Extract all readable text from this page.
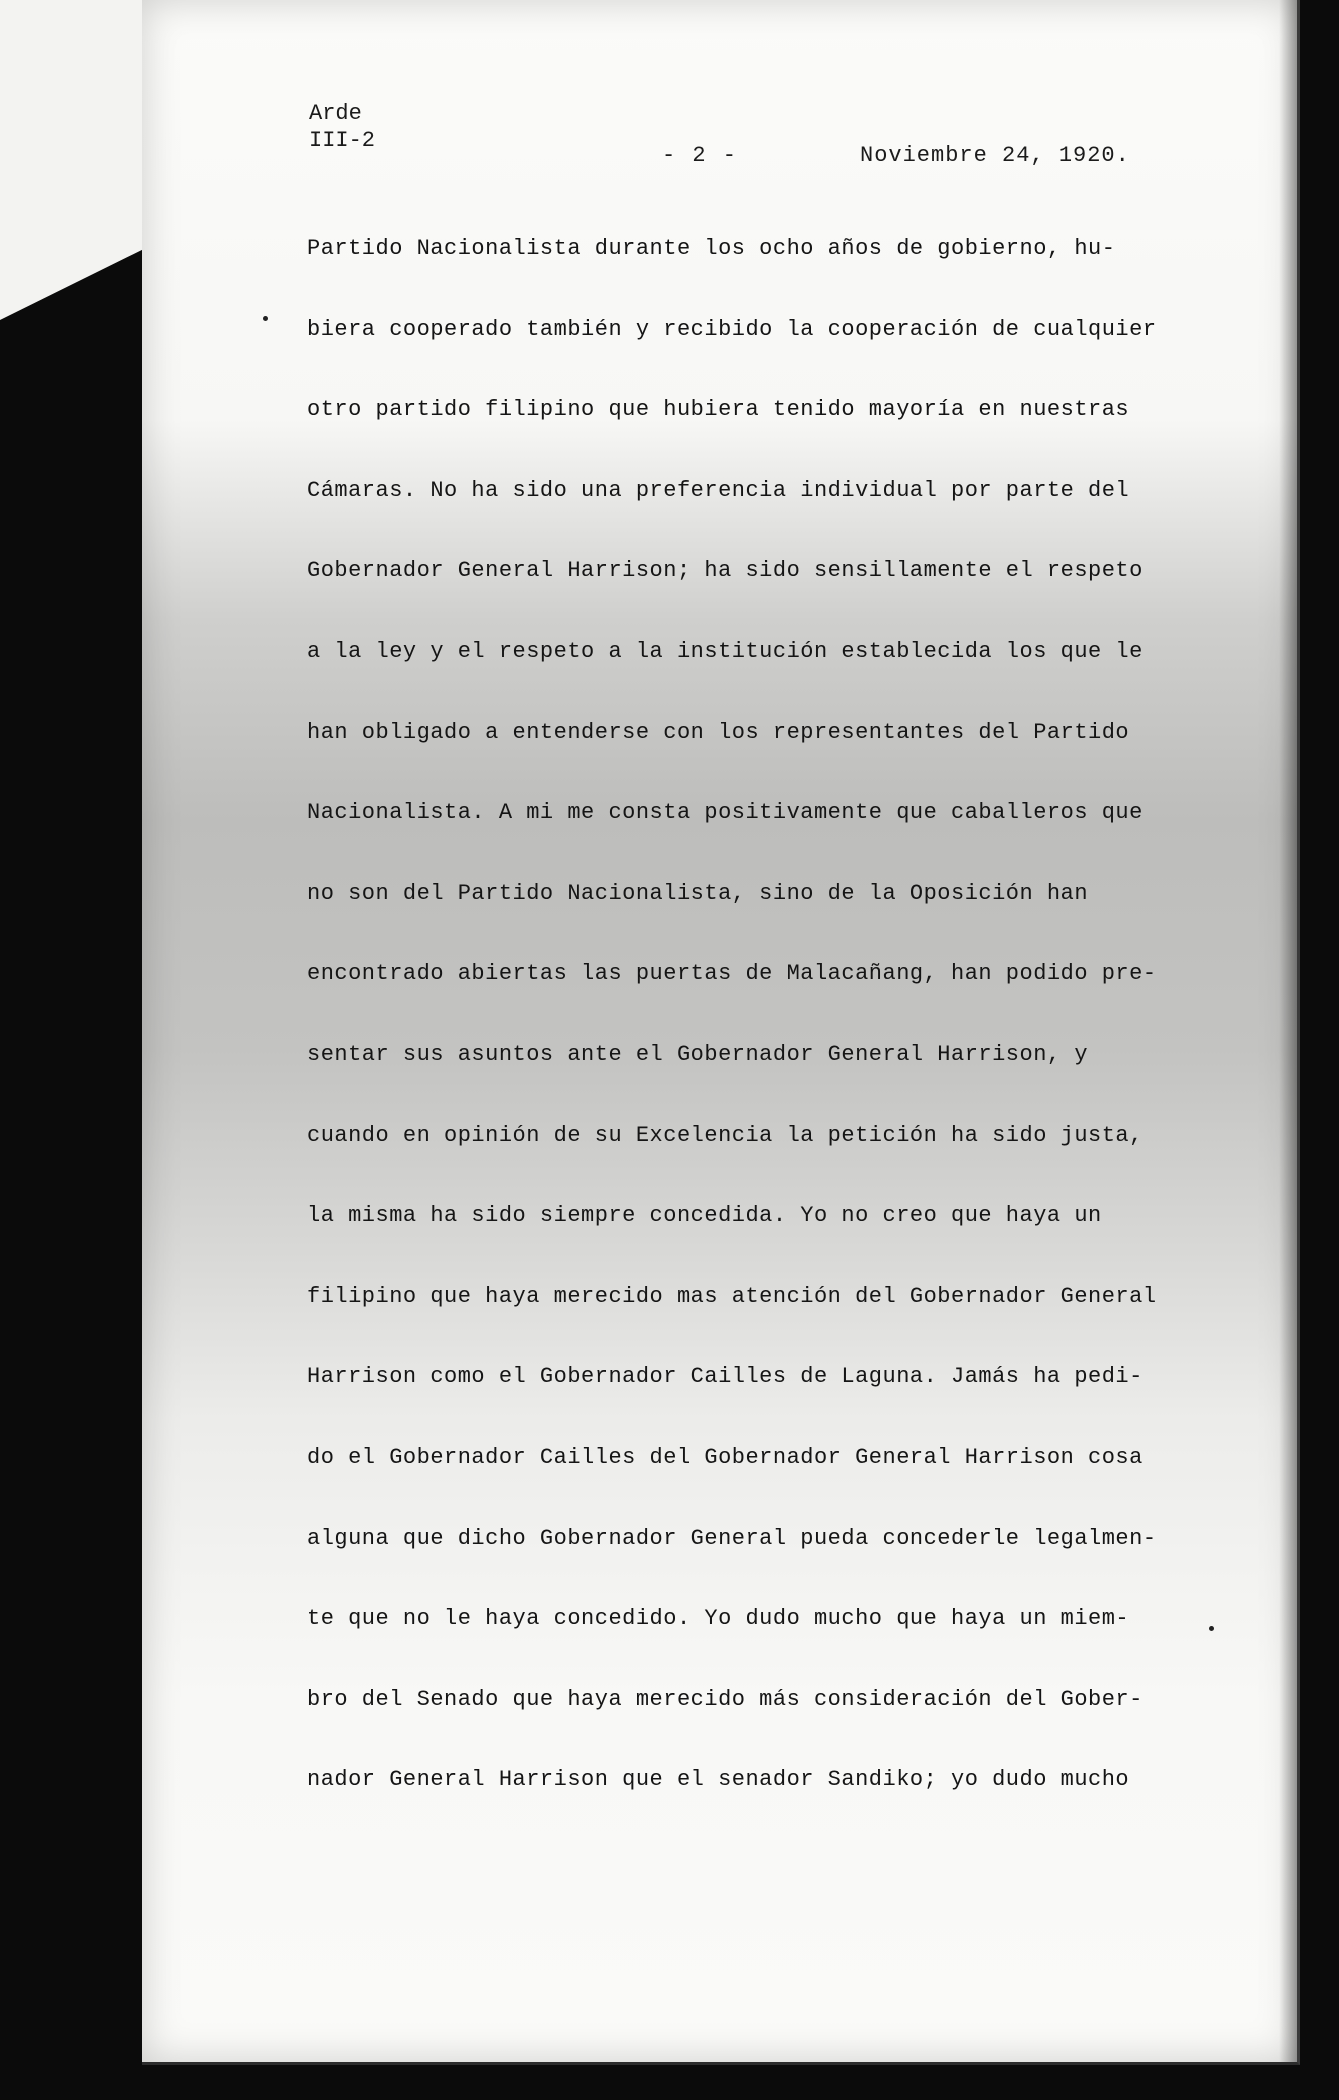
Arde
III-2
- 2 -	Noviembre 24, 1920.
Partido Nacionalista durante los ocho años de gobierno, hu-
biera cooperado también y recibido la cooperación de cualquier
otro partido filipino que hubiera tenido mayoría en nuestras
Cámaras. No ha sido una preferencia individual por parte del
Gobernador General Harrison; ha sido sensillamente el respeto
a la ley y el respeto a la institución establecida los que le
han obligado a entenderse con los representantes del Partido
Nacionalista. A mi me consta positivamente que caballeros que
no son del Partido Nacionalista, sino de la Oposición han
encontrado abiertas las puertas de Malacañang, han podido pre-
sentar sus asuntos ante el Gobernador General Harrison, y
cuando en opinión de su Excelencia la petición ha sido justa,
la misma ha sido siempre concedida. Yo no creo que haya un
filipino que haya merecido mas atención del Gobernador General
Harrison como el Gobernador Cailles de Laguna. Jamás ha pedi-
do el Gobernador Cailles del Gobernador General Harrison cosa
alguna que dicho Gobernador General pueda concederle legalmen-
te que no le haya concedido. Yo dudo mucho que haya un miem-
bro del Senado que haya merecido más consideración del Gober-
nador General Harrison que el senador Sandiko; yo dudo mucho
